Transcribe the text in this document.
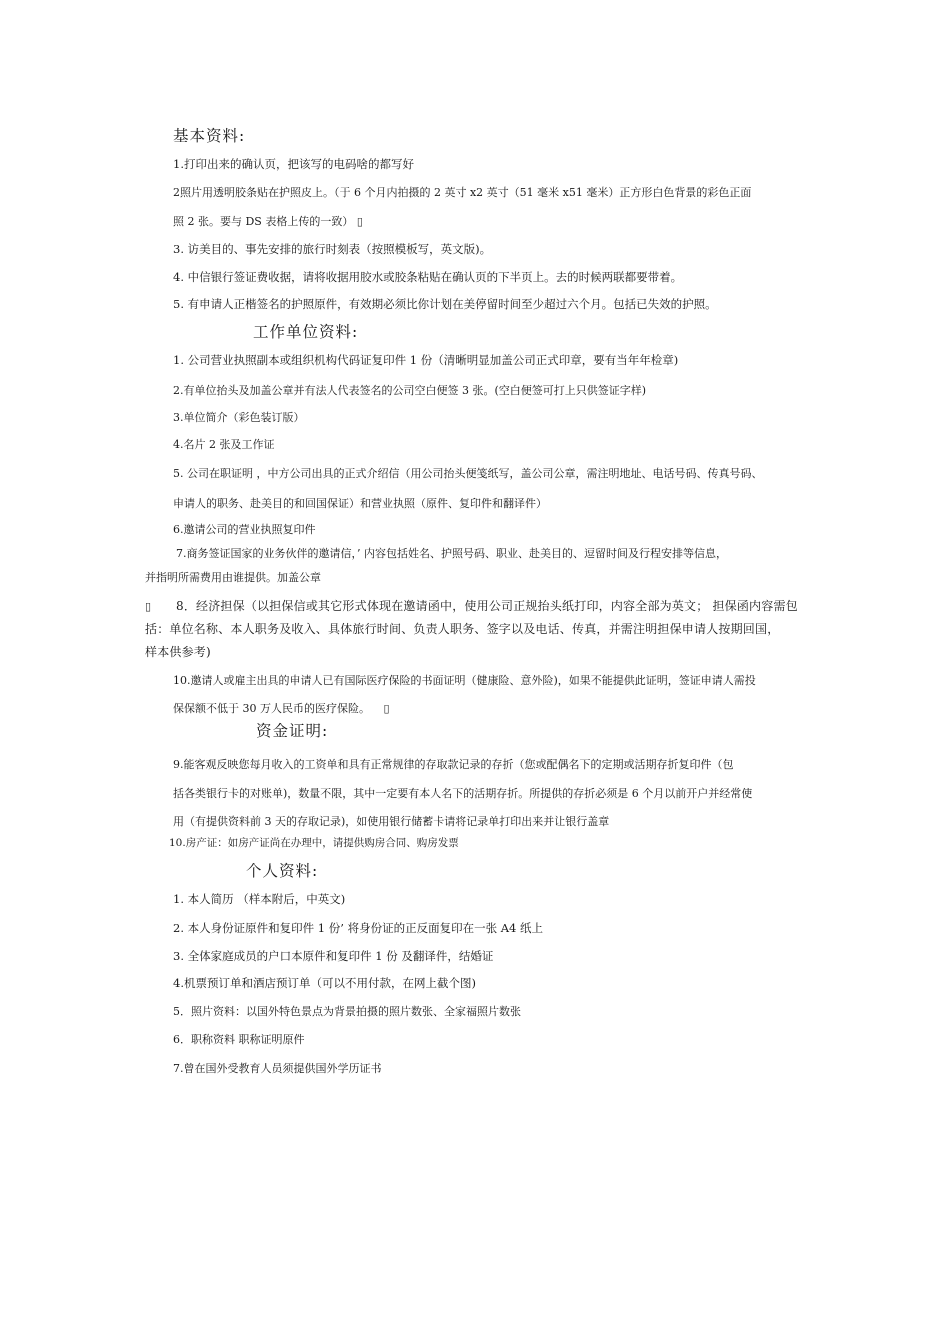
基本资料:
1.打印出来的确认页，把该写的电码啥的都写好
2照片用透明胶条贴在护照皮上。（于 6 个月内拍摄的 2 英寸 x2 英寸（51 毫米 x51 毫米）正方形白色背景的彩色正面
照 2 张。要与 DS 表格上传的一致） ▯
3. 访美目的、事先安排的旅行时刻表（按照模板写，英文版)。
4. 中信银行签证费收据，请将收据用胶水或胶条粘贴在确认页的下半页上。去的时候两联都要带着。
5. 有申请人正楷签名的护照原件，有效期必须比你计划在美停留时间至少超过六个月。包括已失效的护照。
工作单位资料:
1. 公司营业执照副本或组织机构代码证复印件 1 份（清晰明显加盖公司正式印章，要有当年年检章)
2.有单位抬头及加盖公章并有法人代表签名的公司空白便签 3 张。(空白便签可打上只供签证字样)
3.单位简介（彩色装订版）
4.名片 2 张及工作证
5. 公司在职证明 ，中方公司出具的正式介绍信（用公司抬头便笺纸写，盖公司公章，需注明地址、电话号码、传真号码、
申请人的职务、赴美目的和回国保证）和营业执照（原件、复印件和翻译件）
6.邀请公司的营业执照复印件
7.商务签证国家的业务伙伴的邀请信，’ 内容包括姓名、护照号码、职业、赴美目的、逗留时间及行程安排等信息，
并指明所需费用由谁提供。加盖公章
▯ 8．经济担保（以担保信或其它形式体现在邀请函中，使用公司正规抬头纸打印，内容全部为英文； 担保函内容需包
括：单位名称、本人职务及收入、具体旅行时间、负责人职务、签字以及电话、传真，并需注明担保申请人按期回国，
样本供参考)
10.邀请人或雇主出具的申请人已有国际医疗保险的书面证明（健康险、意外险)，如果不能提供此证明，签证申请人需投
保保额不低于 30 万人民币的医疗保险。 ▯
资金证明:
9.能客观反映您每月收入的工资单和具有正常规律的存取款记录的存折（您或配偶名下的定期或活期存折复印件（包
括各类银行卡的对账单)，数量不限，其中一定要有本人名下的活期存折。所提供的存折必须是 6 个月以前开户并经常使
用（有提供资料前 3 天的存取记录)，如使用银行储蓄卡请将记录单打印出来并让银行盖章
10.房产证：如房产证尚在办理中，请提供购房合同、购房发票
个人资料:
1. 本人简历 （样本附后，中英文)
2. 本人身份证原件和复印件 1 份’ 将身份证的正反面复印在一张 A4 纸上
3. 全体家庭成员的户口本原件和复印件 1 份 及翻译件，结婚证
4.机票预订单和酒店预订单（可以不用付款，在网上截个图)
5．照片资料：以国外特色景点为背景拍摄的照片数张、全家福照片数张
6．职称资料 职称证明原件
7.曾在国外受教育人员须提供国外学历证书
